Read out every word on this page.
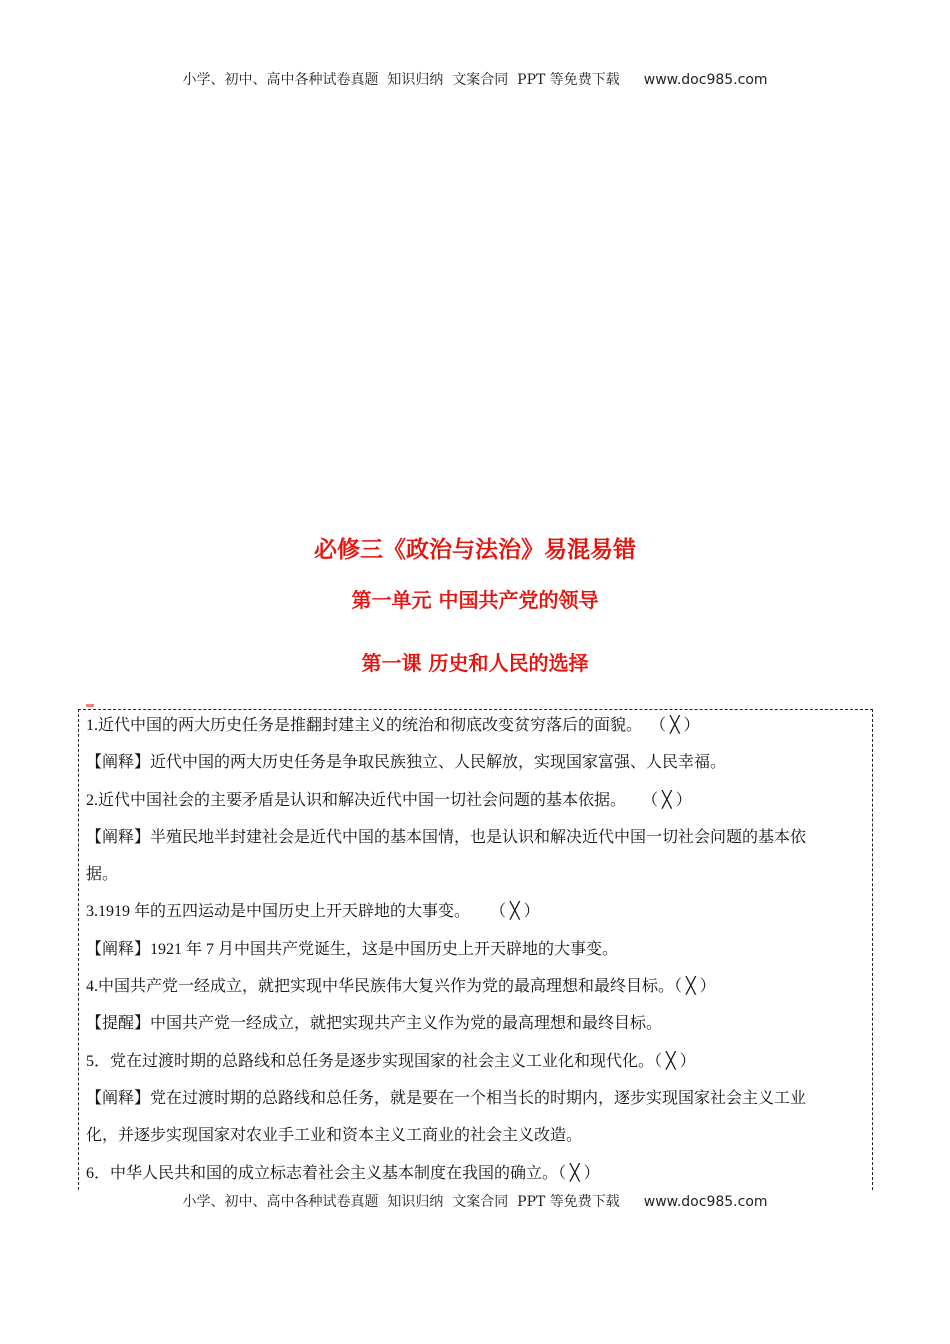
小学、初中、高中各种试卷真题  知识归纳  文案合同  PPT 等免费下载 www.doc985.com
必修三《政治与法治》易混易错
第一单元 中国共产党的领导
第一课 历史和人民的选择
1.近代中国的两大历史任务是推翻封建主义的统治和彻底改变贫穷落后的面貌。  （ ╳ ）
【阐释】近代中国的两大历史任务是争取民族独立、人民解放，实现国家富强、人民幸福。
2.近代中国社会的主要矛盾是认识和解决近代中国一切社会问题的基本依据。    （ ╳ ）
【阐释】半殖民地半封建社会是近代中国的基本国情，也是认识和解决近代中国一切社会问题的基本依
据。
3.1919 年的五四运动是中国历史上开天辟地的大事变。     （ ╳ ）
【阐释】1921 年 7 月中国共产党诞生，这是中国历史上开天辟地的大事变。
4.中国共产党一经成立，就把实现中华民族伟大复兴作为党的最高理想和最终目标。（ ╳ ）
【提醒】中国共产党一经成立，就把实现共产主义作为党的最高理想和最终目标。
5．党在过渡时期的总路线和总任务是逐步实现国家的社会主义工业化和现代化。（ ╳ ）
【阐释】党在过渡时期的总路线和总任务，就是要在一个相当长的时期内，逐步实现国家社会主义工业
化，并逐步实现国家对农业手工业和资本主义工商业的社会主义改造。
6．中华人民共和国的成立标志着社会主义基本制度在我国的确立。（ ╳ ）
小学、初中、高中各种试卷真题  知识归纳  文案合同  PPT 等免费下载 www.doc985.com
